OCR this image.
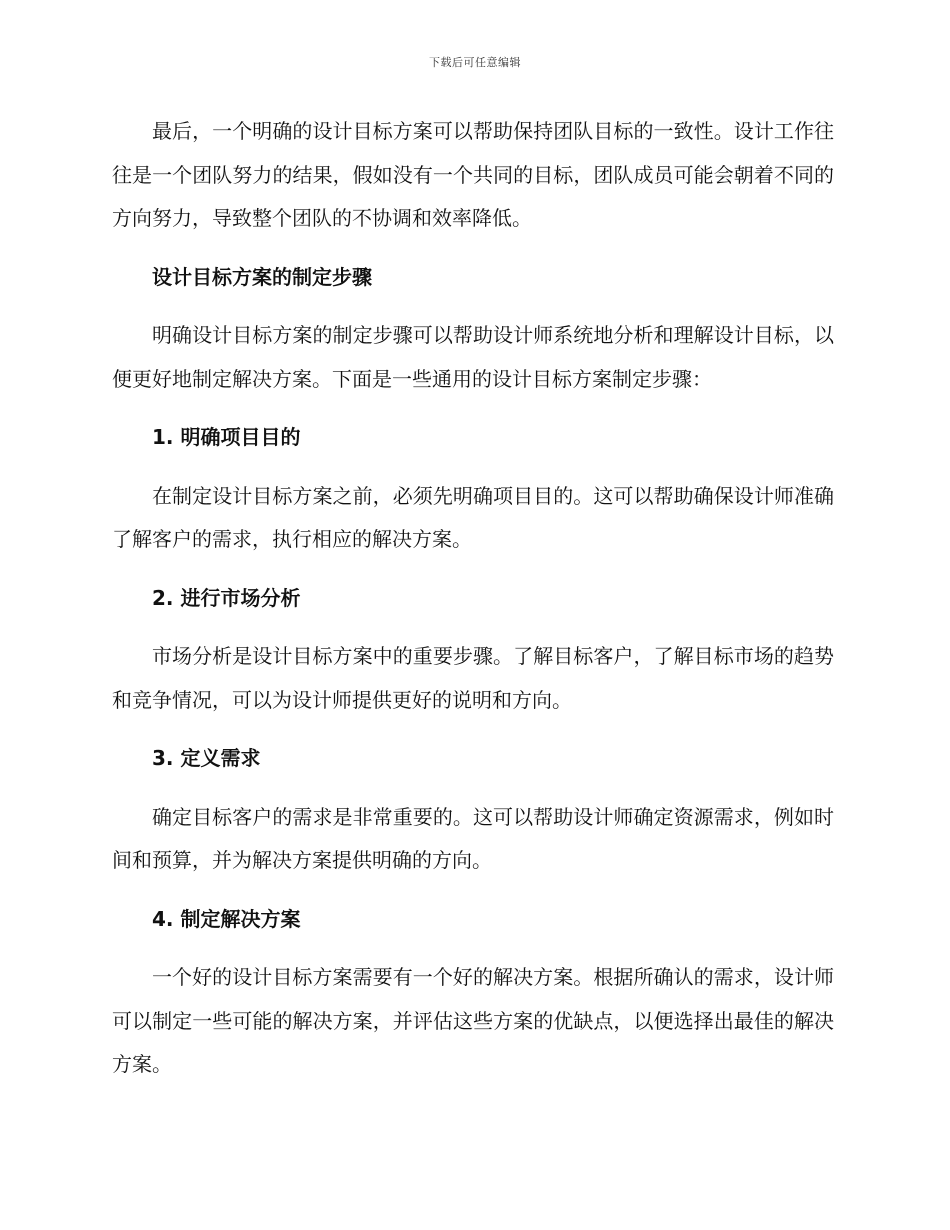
下载后可任意编辑

最后，一个明确的设计目标方案可以帮助保持团队目标的一致性。设计工作往往是一个团队努力的结果，假如没有一个共同的目标，团队成员可能会朝着不同的方向努力，导致整个团队的不协调和效率降低。

设计目标方案的制定步骤

明确设计目标方案的制定步骤可以帮助设计师系统地分析和理解设计目标，以便更好地制定解决方案。下面是一些通用的设计目标方案制定步骤：

1. 明确项目目的

在制定设计目标方案之前，必须先明确项目目的。这可以帮助确保设计师准确了解客户的需求，执行相应的解决方案。

2. 进行市场分析

市场分析是设计目标方案中的重要步骤。了解目标客户，了解目标市场的趋势和竞争情况，可以为设计师提供更好的说明和方向。

3. 定义需求

确定目标客户的需求是非常重要的。这可以帮助设计师确定资源需求，例如时间和预算，并为解决方案提供明确的方向。

4. 制定解决方案

一个好的设计目标方案需要有一个好的解决方案。根据所确认的需求，设计师可以制定一些可能的解决方案，并评估这些方案的优缺点，以便选择出最佳的解决方案。
